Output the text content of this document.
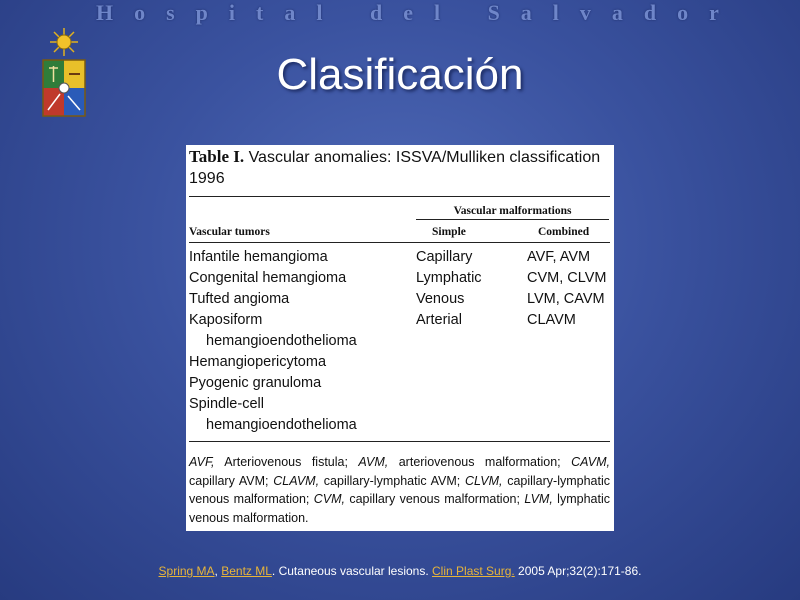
Hospital del Salvador
Clasificación
Table I. Vascular anomalies: ISSVA/Mulliken classification 1996
Vascular malformations
Vascular tumors	Simple	Combined
Infantile hemangioma
Congenital hemangioma
Tufted angioma
Kaposiform
hemangioendothelioma
Hemangiopericytoma
Pyogenic granuloma
Spindle-cell
hemangioendothelioma
Capillary
Lymphatic
Venous
Arterial
AVF, AVM
CVM, CLVM
LVM, CAVM
CLAVM
AVF, Arteriovenous fistula; AVM, arteriovenous malformation; CAVM, capillary AVM; CLAVM, capillary-lymphatic AVM; CLVM, capillary-lymphatic venous malformation; CVM, capillary venous malformation; LVM, lymphatic venous malformation.
Spring MA, Bentz ML. Cutaneous vascular lesions. Clin Plast Surg. 2005 Apr;32(2):171-86.
